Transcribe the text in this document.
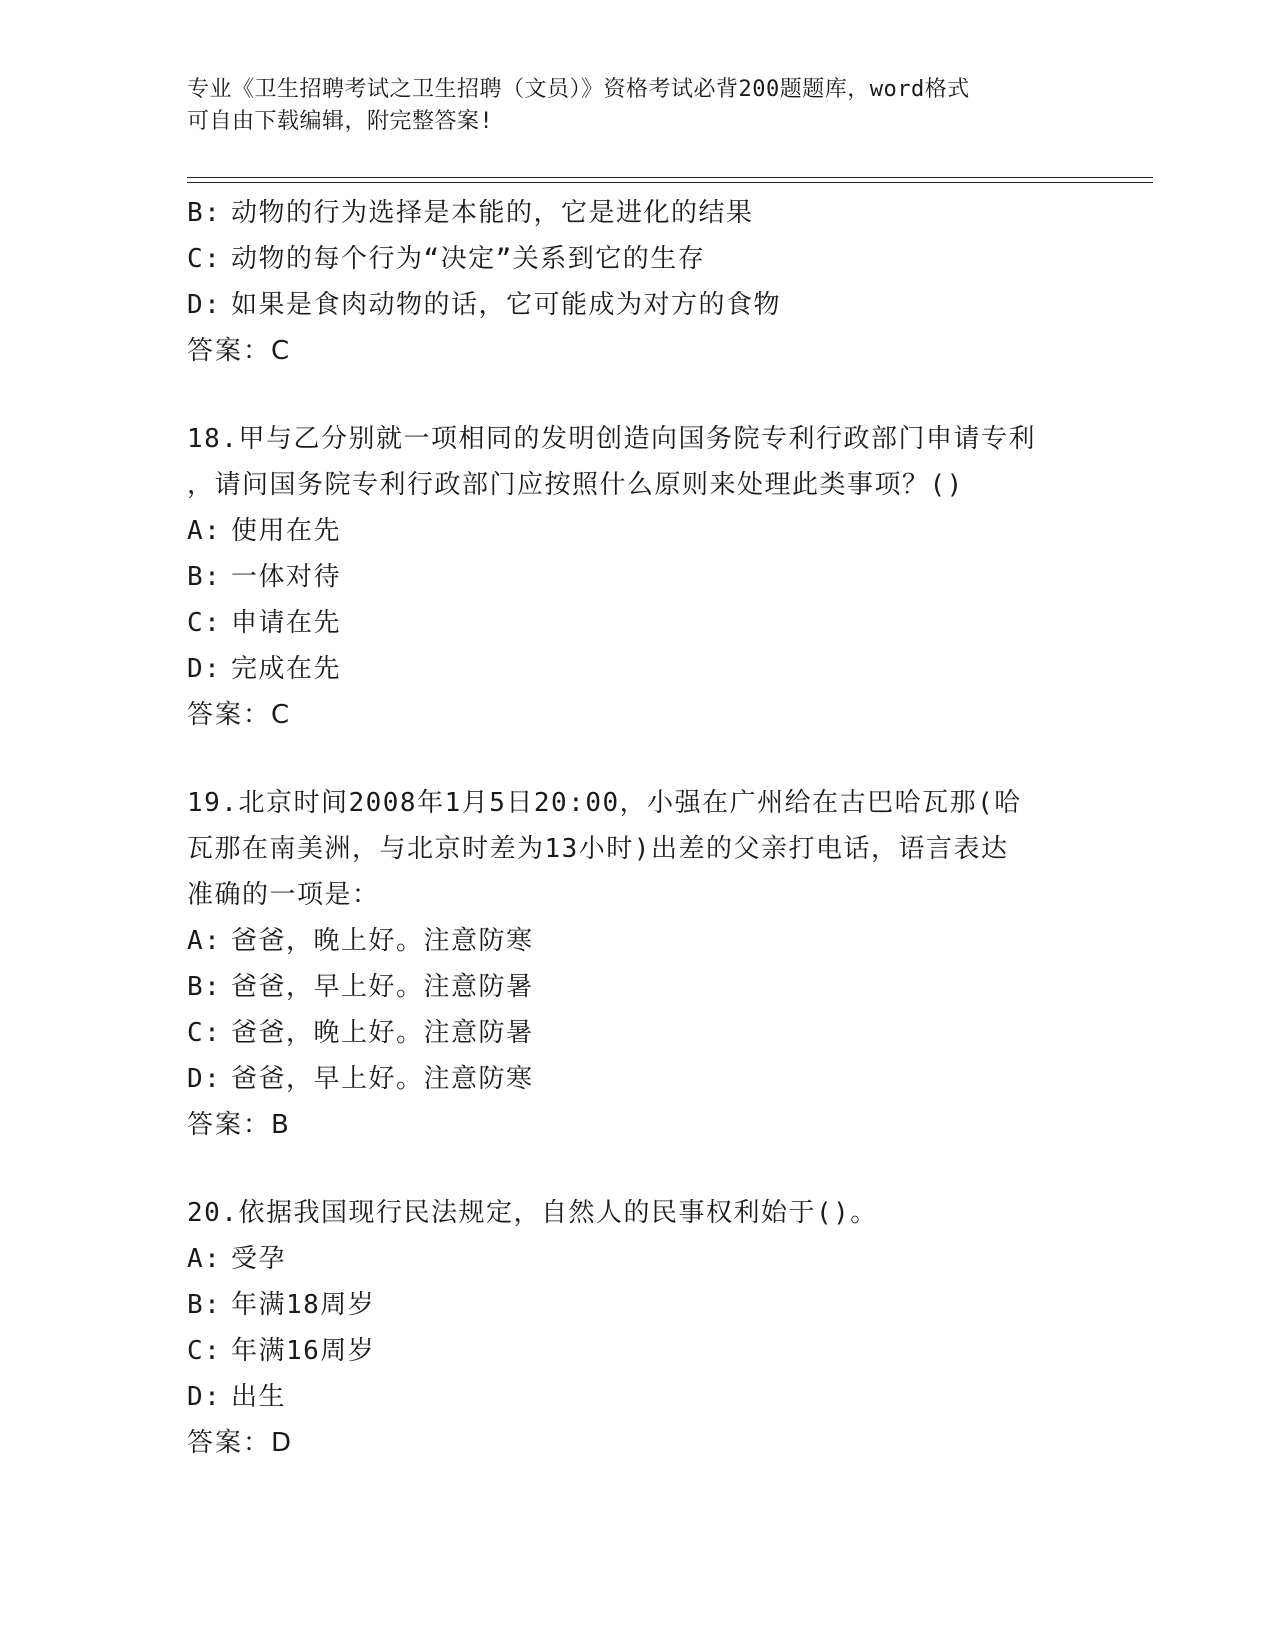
专业《卫生招聘考试之卫生招聘（文员）》资格考试必背200题题库，word格式
可自由下载编辑，附完整答案!
B: 动物的行为选择是本能的，它是进化的结果
C: 动物的每个行为“决定”关系到它的生存
D: 如果是食肉动物的话，它可能成为对方的食物
答案：C
18.甲与乙分别就一项相同的发明创造向国务院专利行政部门申请专利
，请问国务院专利行政部门应按照什么原则来处理此类事项？()
A: 使用在先
B: 一体对待
C: 申请在先
D: 完成在先
答案：C
19.北京时间2008年1月5日20:00，小强在广州给在古巴哈瓦那(哈
瓦那在南美洲，与北京时差为13小时)出差的父亲打电话，语言表达
准确的一项是：
A: 爸爸，晚上好。注意防寒
B: 爸爸，早上好。注意防暑
C: 爸爸，晚上好。注意防暑
D: 爸爸，早上好。注意防寒
答案：B
20.依据我国现行民法规定，自然人的民事权利始于()。
A: 受孕
B: 年满18周岁
C: 年满16周岁
D: 出生
答案：D
